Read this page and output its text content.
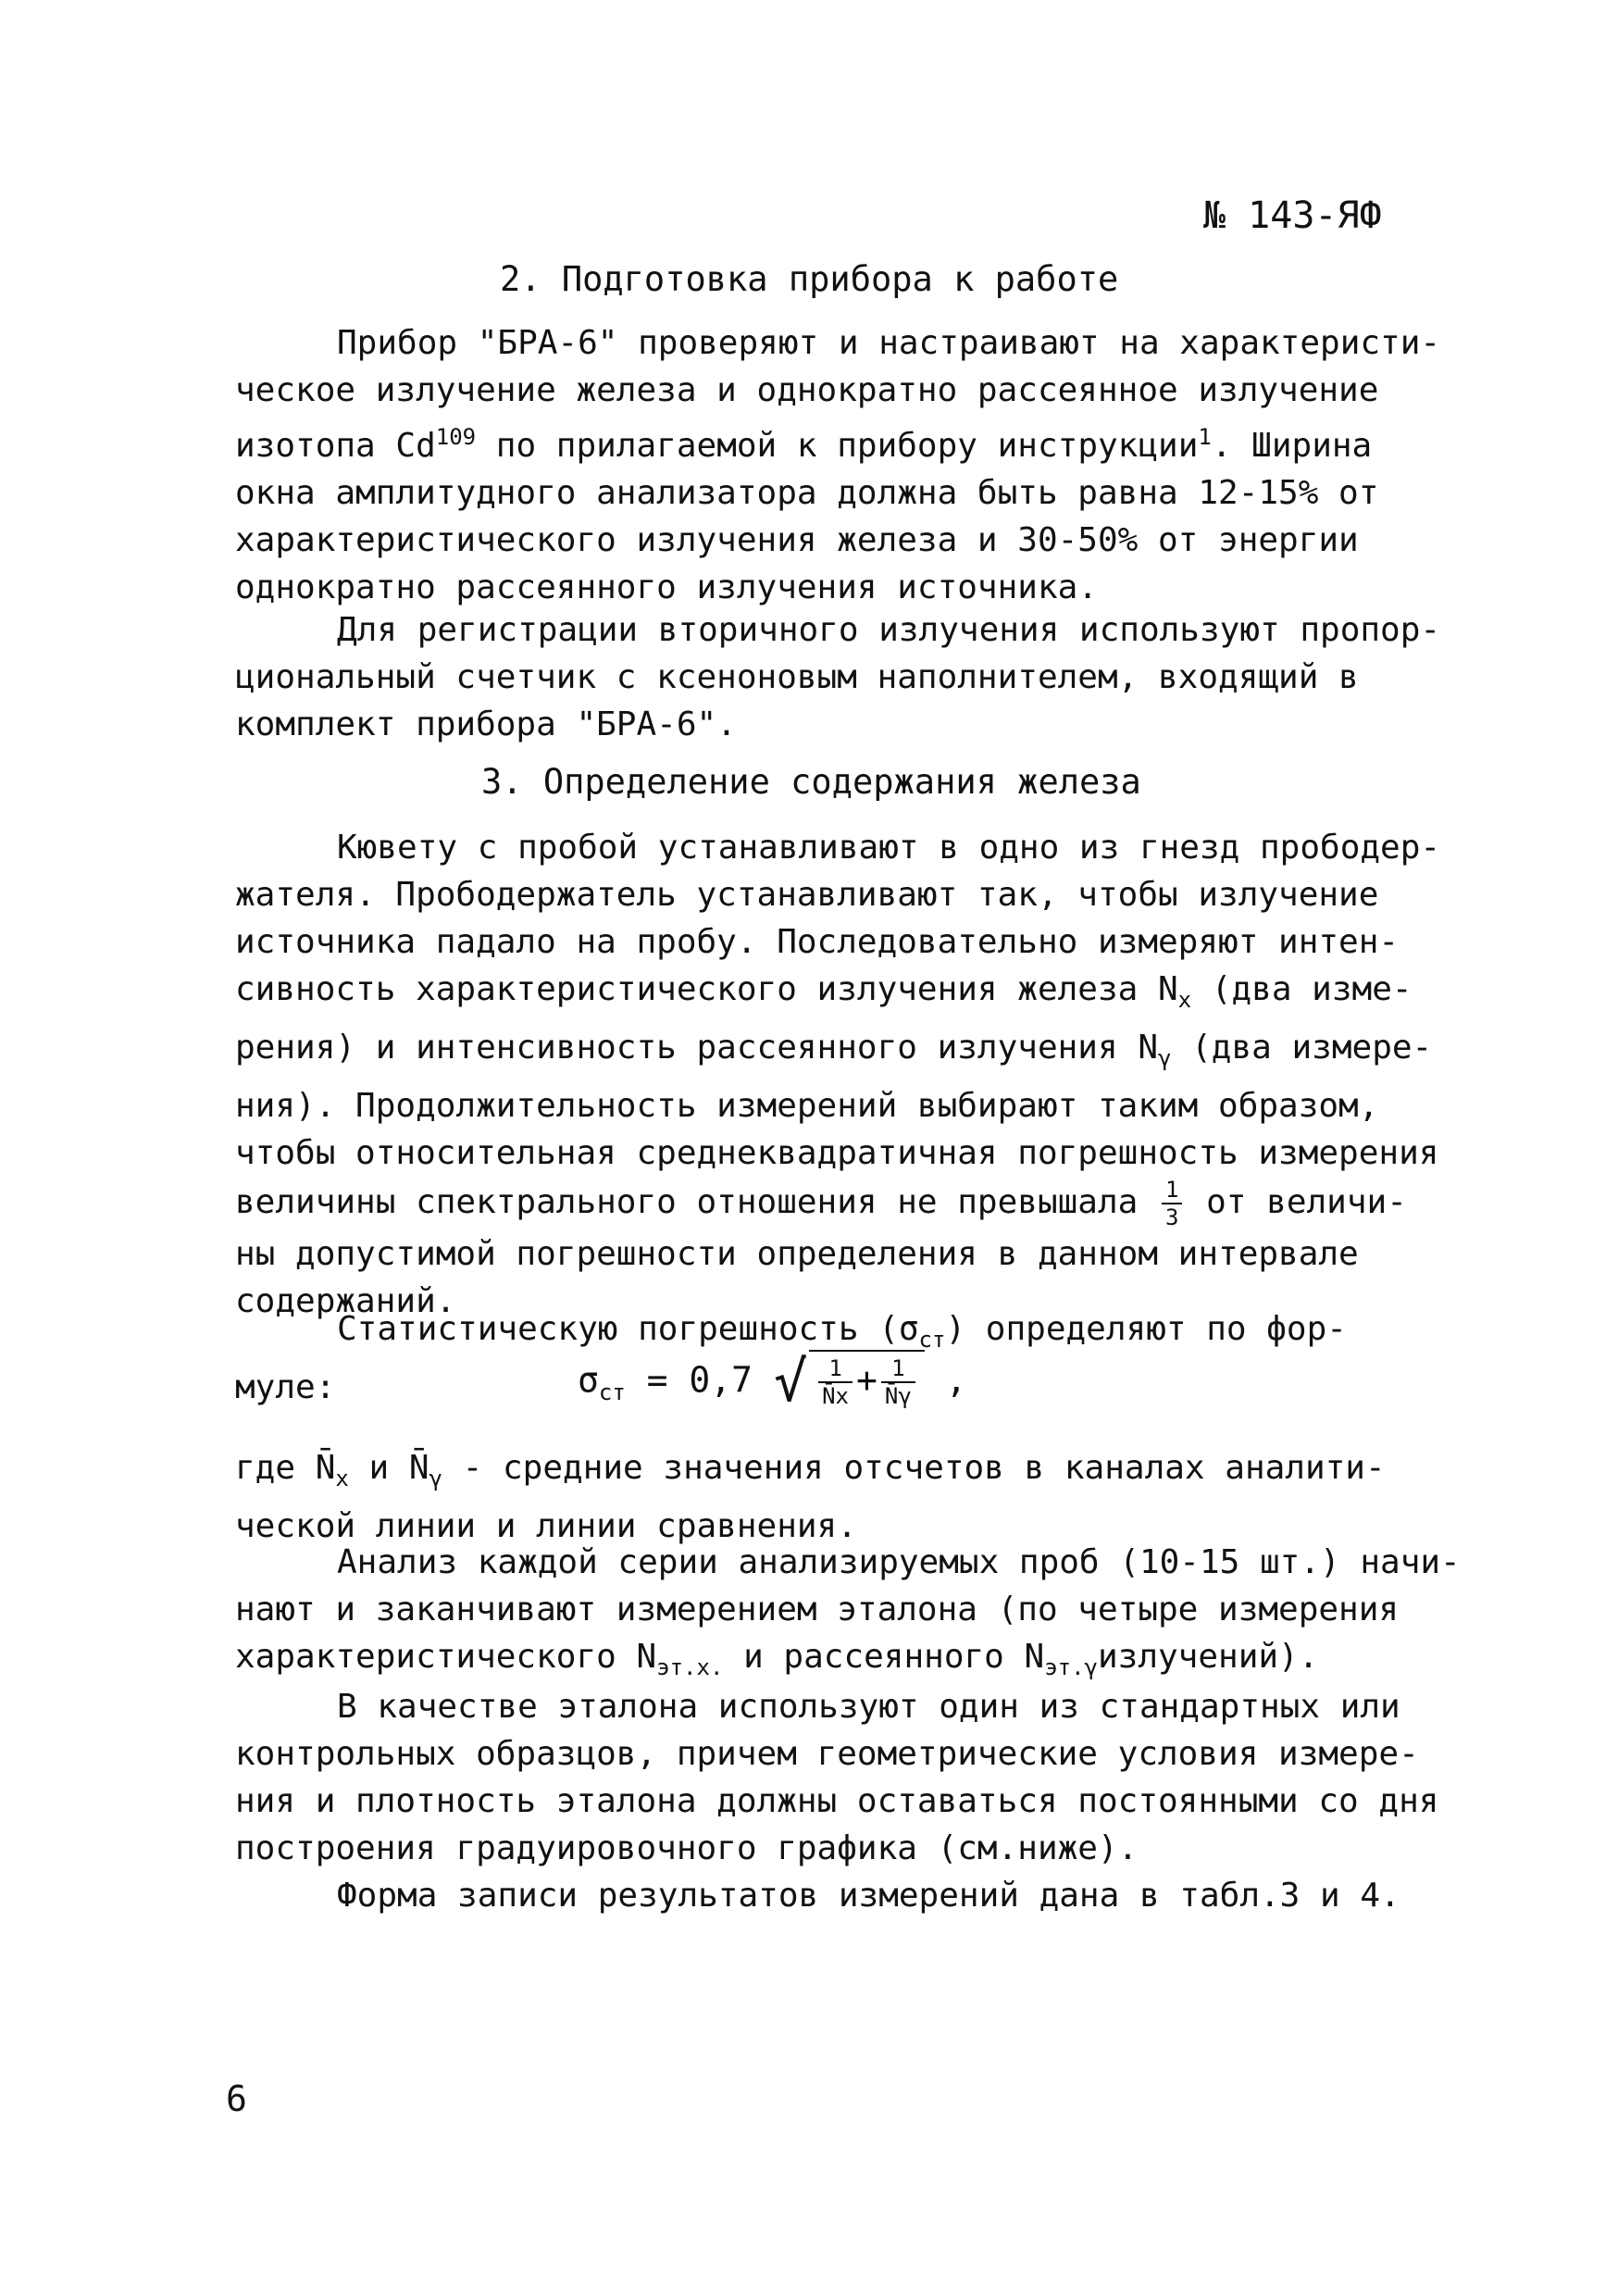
№ 143-ЯФ
2. Подготовка прибора к работе
Прибор "БРА-6" проверяют и настраивают на характеристи-
ческое излучение железа и однократно рассеянное излучение
изотопа Cd$^{109}$ по прилагаемой к прибору инструкции$^1$. Ширина
окна амплитудного анализатора должна быть равна 12-15% от
характеристического излучения железа и 30-50% от энергии
однократно рассеянного излучения источника.
Для регистрации вторичного излучения используют пропор-
циональный счетчик с ксеноновым наполнителем, входящий в
комплект прибора "БРА-6".
3. Определение содержания железа
Кювету с пробой устанавливают в одно из гнезд прободер-
жателя. Прободержатель устанавливают так, чтобы излучение
источника падало на пробу. Последовательно измеряют интен-
сивность характеристического излучения железа $N_x$ (два изме-
рения) и интенсивность рассеянного излучения $N_\gamma$ (два измере-
ния). Продолжительность измерений выбирают таким образом,
чтобы относительная среднеквадратичная погрешность измерения
величины спектрального отношения не превышала $\frac{1}{3}$ от величи-
ны допустимой погрешности определения в данном интервале
содержаний.
Статистическую погрешность $(\sigma_{ст})$ определяют по фор-
муле:	$\sigma_{ст} = 0,7$ √ $\frac{1}{N̄x} + \frac{1}{N̄\gamma}$ ,
где $N̄_x$ и $N̄_\gamma$ - средние значения отсчетов в каналах аналити-
ческой линии и линии сравнения.
Анализ каждой серии анализируемых проб (10-15 шт.) начи-
нают и заканчивают измерением эталона (по четыре измерения
характеристического $N_{эт.х.}$ и рассеянного $N_{эт.\gamma}излучений$).
В качестве эталона используют один из стандартных или
контрольных образцов, причем геометрические условия измере-
ния и плотность эталона должны оставаться постоянными со дня
построения градуировочного графика (см.ниже).
Форма записи результатов измерений дана в табл.3 и 4.
6
